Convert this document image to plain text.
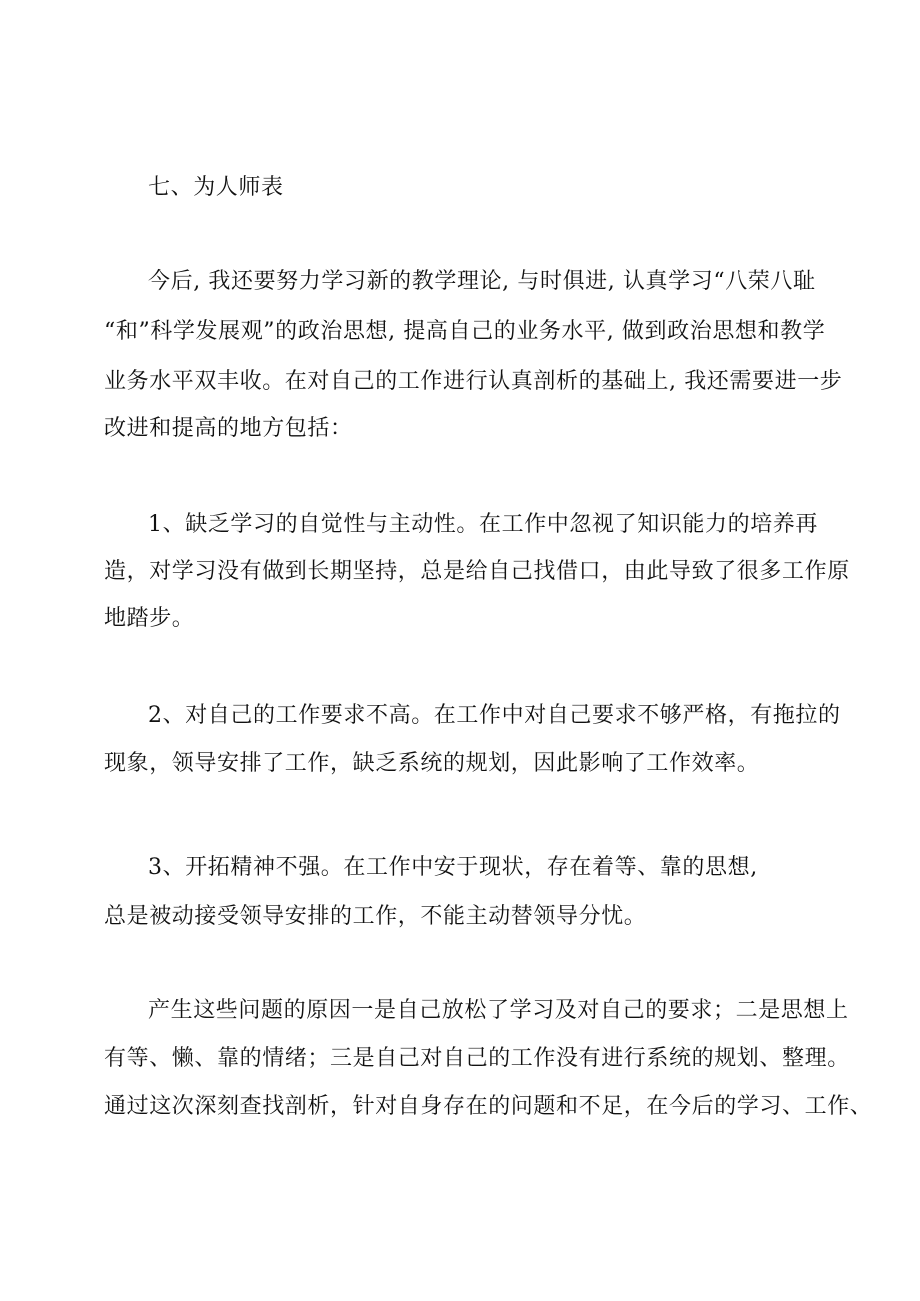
七、为人师表

今后, 我还要努力学习新的教学理论, 与时俱进, 认真学习“八荣八耻

“和”科学发展观”的政治思想, 提高自己的业务水平, 做到政治思想和教学

业务水平双丰收。在对自己的工作进行认真剖析的基础上, 我还需要进一步

改进和提高的地方包括：

1、缺乏学习的自觉性与主动性。在工作中忽视了知识能力的培养再

造，对学习没有做到长期坚持，总是给自己找借口，由此导致了很多工作原

地踏步。

2、对自己的工作要求不高。在工作中对自己要求不够严格，有拖拉的

现象，领导安排了工作，缺乏系统的规划，因此影响了工作效率。

3、开拓精神不强。在工作中安于现状，存在着等、靠的思想,

总是被动接受领导安排的工作，不能主动替领导分忧。

产生这些问题的原因一是自己放松了学习及对自己的要求；二是思想上

有等、懒、靠的情绪；三是自己对自己的工作没有进行系统的规划、整理。

通过这次深刻查找剖析，针对自身存在的问题和不足，在今后的学习、工作、
